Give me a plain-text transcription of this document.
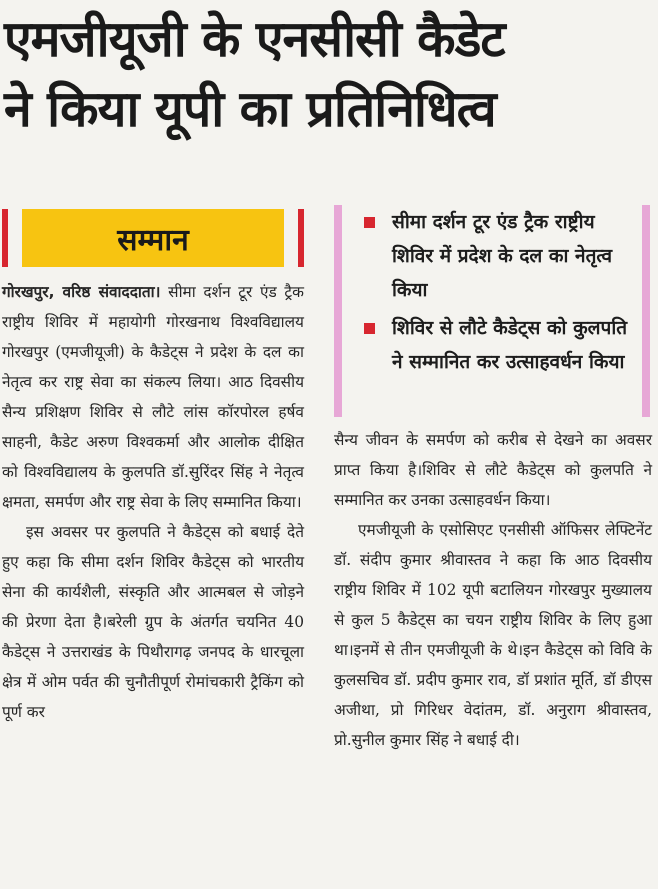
एमजीयूजी के एनसीसी कैडेट
ने किया यूपी का प्रतिनिधित्व
सम्मान

गोरखपुर, वरिष्ठ संवाददाता। सीमा दर्शन टूर एंड ट्रैक राष्ट्रीय शिविर में महायोगी गोरखनाथ विश्वविद्यालय गोरखपुर (एमजीयूजी) के कैडेट्स ने प्रदेश के दल का नेतृत्व कर राष्ट्र सेवा का संकल्प लिया। आठ दिवसीय सैन्य प्रशिक्षण शिविर से लौटे लांस कॉरपोरल हर्षव साहनी, कैडेट अरुण विश्वकर्मा और आलोक दीक्षित को विश्वविद्यालय के कुलपति डॉ.सुरिंदर सिंह ने नेतृत्व क्षमता, समर्पण और राष्ट्र सेवा के लिए सम्मानित किया।

इस अवसर पर कुलपति ने कैडेट्स को बधाई देते हुए कहा कि सीमा दर्शन शिविर कैडेट्स को भारतीय सेना की कार्यशैली, संस्कृति और आत्मबल से जोड़ने की प्रेरणा देता है।बरेली ग्रुप के अंतर्गत चयनित 40 कैडेट्स ने उत्तराखंड के पिथौरागढ़ जनपद के धारचूला क्षेत्र में ओम पर्वत की चुनौतीपूर्ण रोमांचकारी ट्रैकिंग को पूर्ण कर

सीमा दर्शन टूर एंड ट्रैक राष्ट्रीय शिविर में प्रदेश के दल का नेतृत्व किया
शिविर से लौटे कैडेट्स को कुलपति ने सम्मानित कर उत्साहवर्धन किया

सैन्य जीवन के समर्पण को करीब से देखने का अवसर प्राप्त किया है।शिविर से लौटे कैडेट्स को कुलपति ने सम्मानित कर उनका उत्साहवर्धन किया।

एमजीयूजी के एसोसिएट एनसीसी ऑफिसर लेफ्टिनेंट डॉ. संदीप कुमार श्रीवास्तव ने कहा कि आठ दिवसीय राष्ट्रीय शिविर में 102 यूपी बटालियन गोरखपुर मुख्यालय से कुल 5 कैडेट्स का चयन राष्ट्रीय शिविर के लिए हुआ था।इनमें से तीन एमजीयूजी के थे।इन कैडेट्स को विवि के कुलसचिव डॉ. प्रदीप कुमार राव, डॉ प्रशांत मूर्ति, डॉ डीएस अजीथा, प्रो गिरिधर वेदांतम, डॉ. अनुराग श्रीवास्तव, प्रो.सुनील कुमार सिंह ने बधाई दी।
